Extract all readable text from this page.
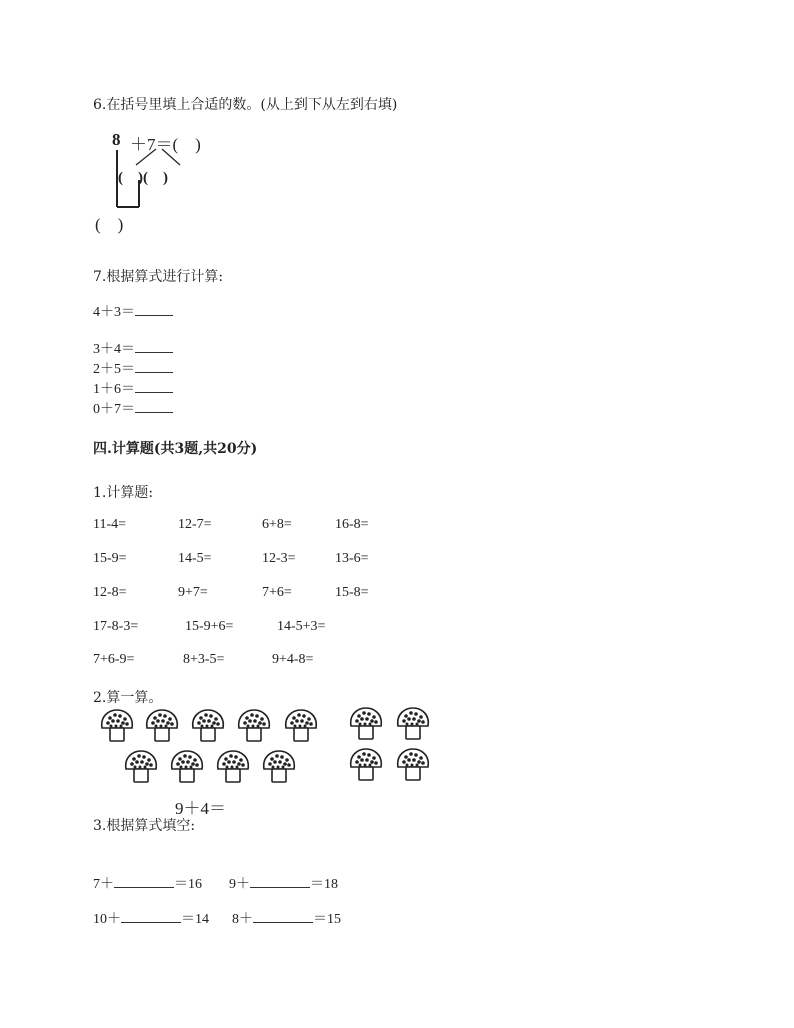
6.在括号里填上合适的数。(从上到下从左到右填)
8 ＋7＝(　)
(　)(　)
(　)
7.根据算式进行计算:
4＋3＝
3＋4＝
2＋5＝
1＋6＝
0＋7＝
四.计算题(共3题,共20分)
1.计算题:
11-4=	12-7=	6+8=	16-8=
15-9=	14-5=	12-3=	13-6=
12-8=	9+7=	7+6=	15-8=
17-8-3=	15-9+6=	14-5+3=
7+6-9=	8+3-5=	9+4-8=
2.算一算。
9＋4＝
3.根据算式填空:
7＋	＝16 9＋	＝18
10＋	＝14 8＋	＝15
